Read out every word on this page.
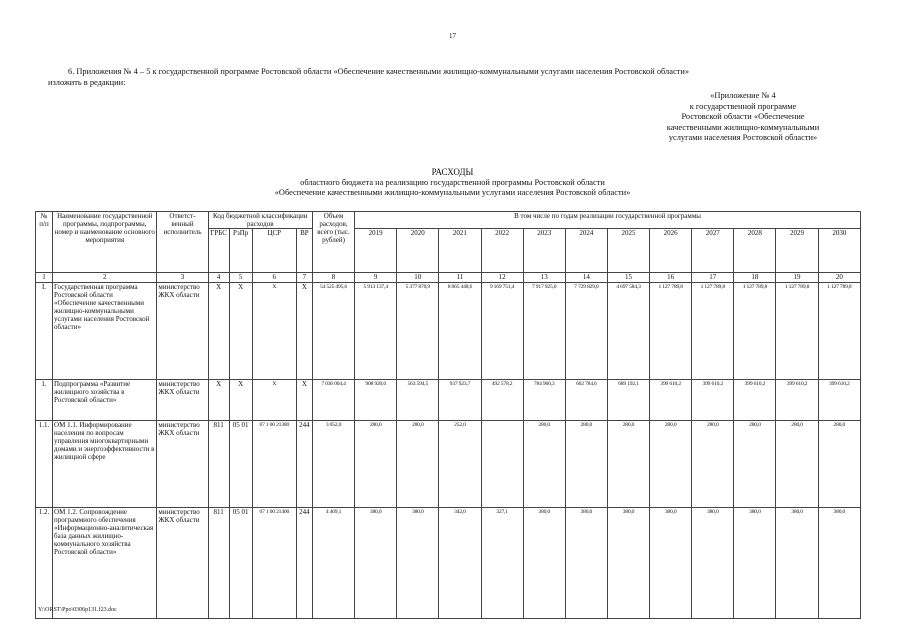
17
6. Приложения № 4 – 5 к государственной программе Ростовской области «Обеспечение качественными жилищно-коммунальными услугами населения Ростовской области»
изложить в редакции:
«Приложение № 4
к государственной программе
Ростовской области «Обеспечение
качественными жилищно-коммунальными
услугами населения Ростовской области»
РАСХОДЫ
областного бюджета на реализацию государственной программы Ростовской области
«Обеспечение качественными жилищно-коммунальными услугами населения Ростовской области»
№ п/п	Наименование государственной программы, подпрограммы, номер и наименование основного мероприятия	Ответст-венный исполнитель	Код бюджетной классификации расходов				Объем расходов, всего (тыс. рублей)	В том числе по годам реализации государственной программы											
			ГРБС	РзПр	ЦСР	ВР		2019	2020	2021	2022	2023	2024	2025	2026	2027	2028	2029	2030
1	2	3	4	5	6	7	8	9	10	11	12	13	14	15	16	17	18	19	20
I.	Государственная программа Ростовской области «Обеспечение качественными жилищно-коммунальными услугами населения Ростовской области»	министерство ЖКХ области	Х	Х	Х	Х	54 525 495,6	5 913 137,4	5 377 870,9	8 065 448,6	9 169 751,4	7 917 925,0	7 729 829,0	4 697 584,3	1 127 789,8	1 127 789,8	1 127 789,8	1 127 789,8	1 127 789,8
1.	Подпрограмма «Развитие жилищного хозяйства в Ростовской области»	министерство ЖКХ области	Х	Х	Х	Х	7 036 004,4	908 920,0	563 594,5	937 923,7	492 578,2	784 960,3	662 784,6	689 192,1	399 610,2	399 610,2	399 610,2	399 610,2	399 610,2
1.1.	ОМ 1.1. Информирование населения по вопросам управления многоквартирными домами и энергоэффективности в жилищной сфере	министерство ЖКХ области	811	05 01	07 1 00 21380	244	3 052,0	280,0	280,0	252,0		280,0	280,0	280,0	280,0	280,0	280,0	280,0	280,0
1.2.	ОМ 1.2. Сопровождение программного обеспечения «Информационно-аналитическая база данных жилищно-коммунального хозяйства Ростовской области»	министерство ЖКХ области	811	05 01	07 1 00 21400	244	4 469,1	380,0	380,0	342,0	327,1	380,0	380,0	380,0	380,0	380,0	380,0	380,0	380,0
Y:\ORST\Ppo\0306p131.f23.doc
